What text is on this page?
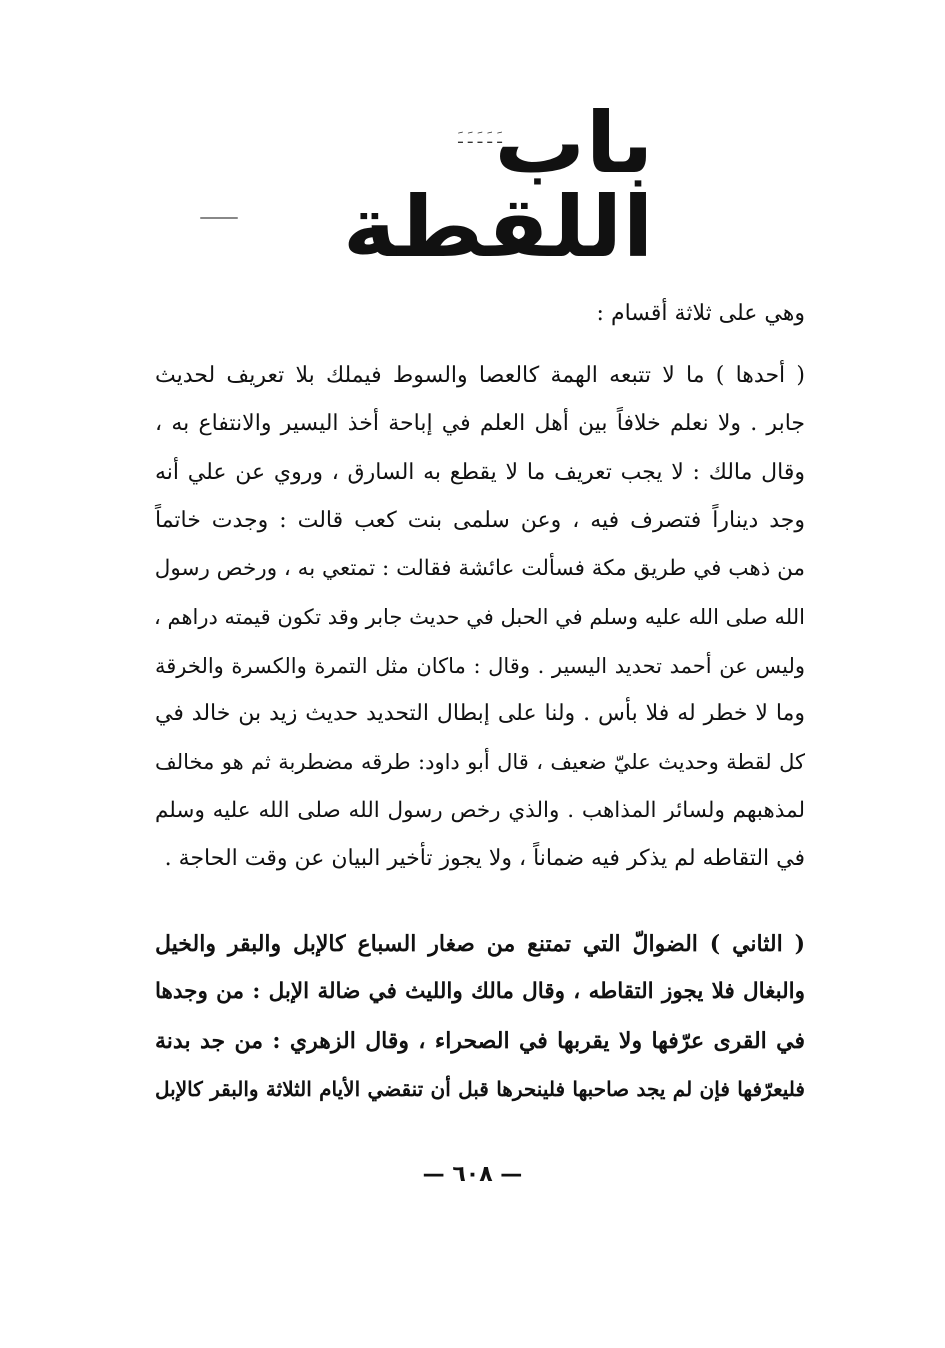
ﹷ ﹷ ﹷ ﹷ ﹷ
باب اللقطة
وهي على ثلاثة أقسام :
( أحدها ) ما لا تتبعه الهمة كالعصا والسوط فيملك بلا تعريف لحديث
جابر . ولا نعلم خلافاً بين أهل العلم في إباحة أخذ اليسير والانتفاع به ،
وقال مالك : لا يجب تعريف ما لا يقطع به السارق ، وروي عن علي أنه
وجد ديناراً فتصرف فيه ، وعن سلمى بنت كعب قالت : وجدت خاتماً
من ذهب في طريق مكة فسألت عائشة فقالت : تمتعي به ، ورخص رسول
الله صلى الله عليه وسلم في الحبل في حديث جابر وقد تكون قيمته دراهم ،
وليس عن أحمد تحديد اليسير . وقال : ماكان مثل التمرة والكسرة والخرقة
وما لا خطر له فلا بأس . ولنا على إبطال التحديد حديث زيد بن خالد في
كل لقطة وحديث عليّ ضعيف ، قال أبو داود: طرقه مضطربة ثم هو مخالف
لمذهبهم ولسائر المذاهب . والذي رخص رسول الله صلى الله عليه وسلم
في التقاطه لم يذكر فيه ضماناً ، ولا يجوز تأخير البيان عن وقت الحاجة .
( الثاني ) الضوالّ التي تمتنع من صغار السباع كالإبل والبقر والخيل
والبغال فلا يجوز التقاطه ، وقال مالك والليث في ضالة الإبل : من وجدها
في القرى عرّفها ولا يقربها في الصحراء ، وقال الزهري : من جد بدنة
فليعرّفها فإن لم يجد صاحبها فلينحرها قبل أن تنقضي الأيام الثلاثة والبقر كالإبل
— ٦٠٨ —
